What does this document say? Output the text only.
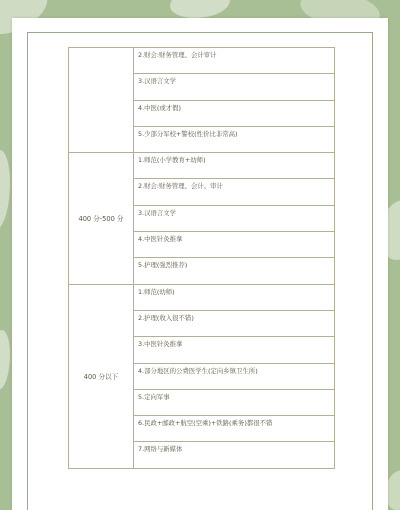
	2.财会:财务管理、会计审计

	3.汉语言文学

	4.中医(或才假)

	5.少部分军校+警校(性价比非常高)

400 分-500 分	1.师范(小学教育+幼师)

	2.财会:财务管理、会计、审计

	3.汉语言文学

	4.中医针灸推拿

	5.护理(强烈推荐)

400 分以下	1.师范(幼师)

	2.护理(收入很不错)

	3.中医针灸推拿

	4.部分地区的公费医学生(定向乡镇卫生所)

	5.定向军事

	6.民政+邮政+航空(空乘)+铁路(乘务)都很不错

	7.网络与新媒体
